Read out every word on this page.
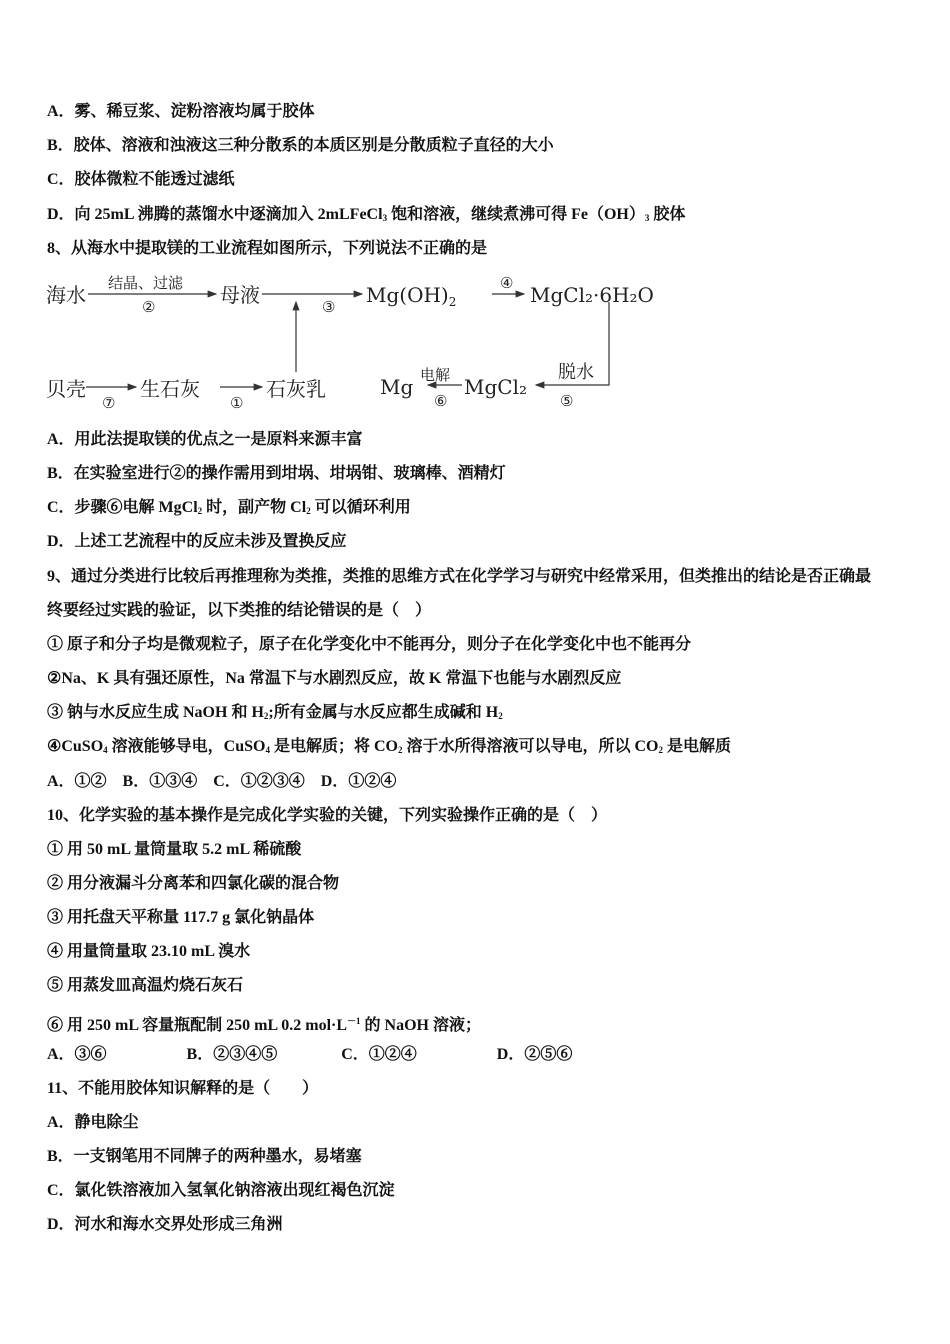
A．雾、稀豆浆、淀粉溶液均属于胶体
B．胶体、溶液和浊液这三种分散系的本质区别是分散质粒子直径的大小
C．胶体微粒不能透过滤纸
D．向 25mL 沸腾的蒸馏水中逐滴加入 2mLFeCl$_3$ 饱和溶液，继续煮沸可得 $Fe(OH)_3$ 胶体
8、从海水中提取镁的工业流程如图所示，下列说法不正确的是
海水 结晶、过滤
②	母液	③ $Mg(OH)_2$
④ MgCl₂·6H₂O
贝壳
⑦
生石灰
①
石灰乳	Mg 电解
⑥
MgCl₂
脱水
⑤
A．用此法提取镁的优点之一是原料来源丰富
B．在实验室进行②的操作需用到坩埚、坩埚钳、玻璃棒、酒精灯
C．步骤⑥电解 MgCl$_2$ 时，副产物 $Cl_2$ 可以循环利用
D．上述工艺流程中的反应未涉及置换反应
9、通过分类进行比较后再推理称为类推，类推的思维方式在化学学习与研究中经常采用，但类推出的结论是否正确最
终要经过实践的验证，以下类推的结论错误的是（　）
① 原子和分子均是微观粒子，原子在化学变化中不能再分，则分子在化学变化中也不能再分
②Na、K 具有强还原性，Na 常温下与水剧烈反应，故 K 常温下也能与水剧烈反应
③ 钠与水反应生成 NaOH 和 $H_2$;所有金属与水反应都生成碱和 $H_2$
④CuSO$_4$ 溶液能够导电，CuSO$_4$ 是电解质；将 $CO_2$ 溶于水所得溶液可以导电，所以 $CO_2$ 是电解质
A．①②　B．①③④　C．①②③④　D．①②④
10、化学实验的基本操作是完成化学实验的关键，下列实验操作正确的是（　）
① 用 50 mL 量筒量取 5.2 mL 稀硫酸
② 用分液漏斗分离苯和四氯化碳的混合物
③ 用托盘天平称量 117.7 g 氯化钠晶体
④ 用量筒量取 23.10 mL 溴水
⑤ 用蒸发皿高温灼烧石灰石
⑥ 用 250 mL 容量瓶配制 250 mL 0.2 $mol\cdot L^{-1}$ 的 NaOH 溶液；
A．③⑥　　　　　B．②③④⑤　　　　C．①②④　　　　　D．②⑤⑥
11、不能用胶体知识解释的是（　　）
A．静电除尘
B．一支钢笔用不同牌子的两种墨水，易堵塞
C．氯化铁溶液加入氢氧化钠溶液出现红褐色沉淀
D．河水和海水交界处形成三角洲
